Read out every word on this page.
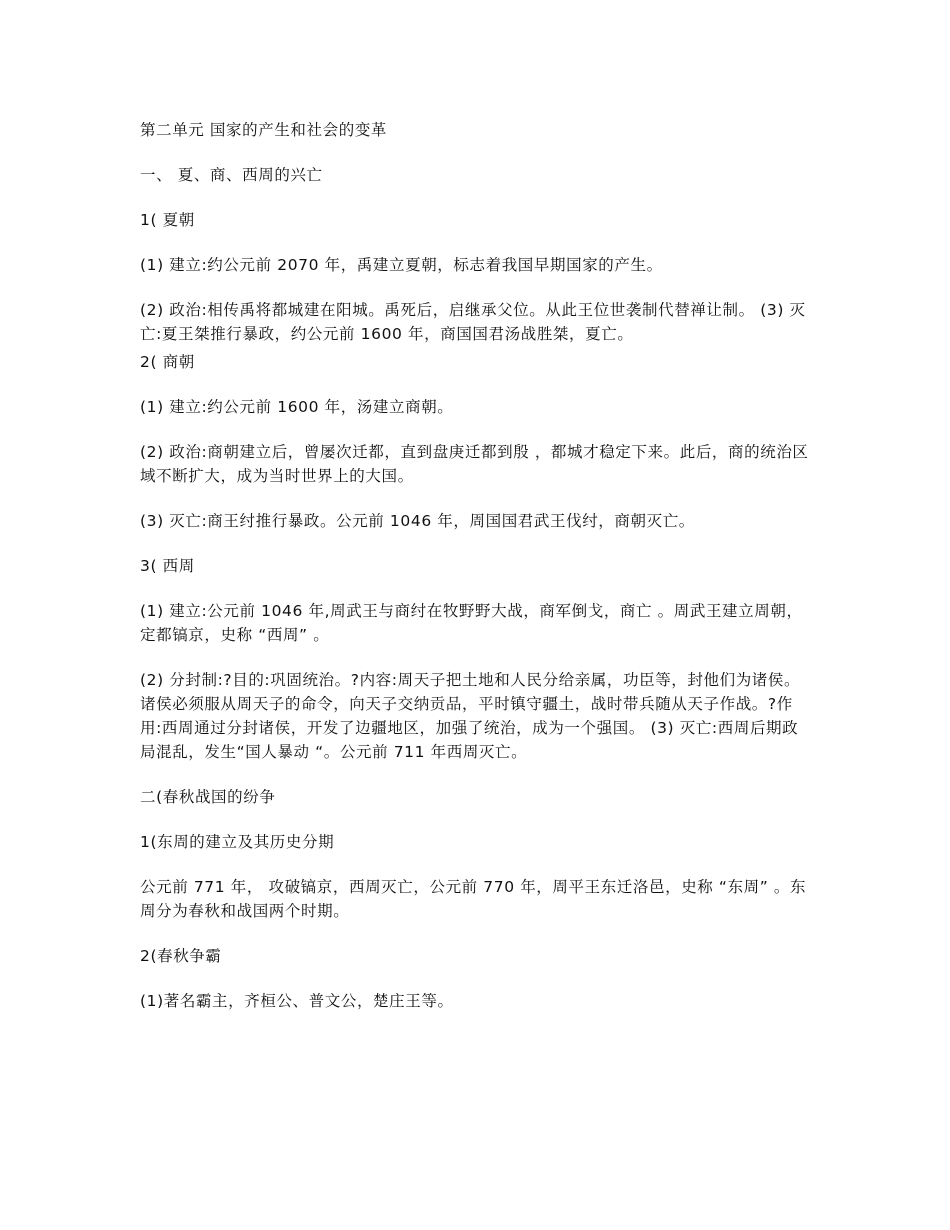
第二单元 国家的产生和社会的变革

一、 夏、商、西周的兴亡

1( 夏朝

(1) 建立:约公元前 2070 年，禹建立夏朝，标志着我国早期国家的产生。

(2) 政治:相传禹将都城建在阳城。禹死后，启继承父位。从此王位世袭制代替禅让制。 (3) 灭亡:夏王桀推行暴政，约公元前 1600 年，商国国君汤战胜桀，夏亡。

2( 商朝

(1) 建立:约公元前 1600 年，汤建立商朝。

(2) 政治:商朝建立后，曾屡次迁都，直到盘庚迁都到殷 ，都城才稳定下来。此后，商的统治区域不断扩大，成为当时世界上的大国。

(3) 灭亡:商王纣推行暴政。公元前 1046 年，周国国君武王伐纣，商朝灭亡。

3( 西周

(1) 建立:公元前 1046 年,周武王与商纣在牧野野大战，商军倒戈，商亡 。周武王建立周朝，定都镐京，史称 “西周” 。

(2) 分封制:?目的:巩固统治。?内容:周天子把土地和人民分给亲属，功臣等，封他们为诸侯。诸侯必须服从周天子的命令，向天子交纳贡品，平时镇守疆土，战时带兵随从天子作战。?作用:西周通过分封诸侯，开发了边疆地区，加强了统治，成为一个强国。 (3) 灭亡:西周后期政局混乱，发生“国人暴动 “。公元前 711 年西周灭亡。

二(春秋战国的纷争

1(东周的建立及其历史分期

公元前 771 年， 攻破镐京，西周灭亡，公元前 770 年，周平王东迁洛邑，史称 “东周” 。东周分为春秋和战国两个时期。

2(春秋争霸

(1)著名霸主，齐桓公、普文公，楚庄王等。
